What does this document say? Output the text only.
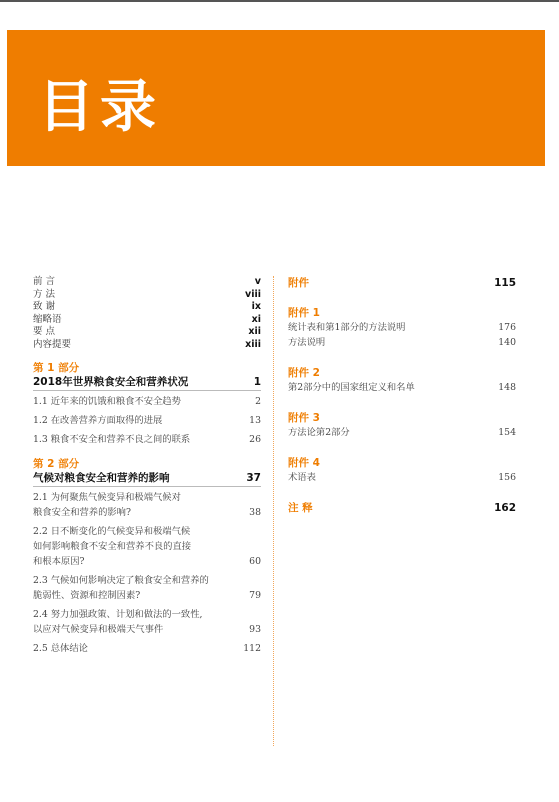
目录
前 言	v
方 法	viii
致 谢	ix
缩略语	xi
要 点	xii
内容提要	xiii
第 1 部分
2018年世界粮食安全和营养状况	1
1.1 近年来的饥饿和粮食不安全趋势	2
1.2 在改善营养方面取得的进展	13
1.3 粮食不安全和营养不良之间的联系	26
第 2 部分
气候对粮食安全和营养的影响	37
2.1 为何聚焦气候变异和极端气候对
粮食安全和营养的影响?	38
2.2 日不断变化的气候变异和极端气候
如何影响粮食不安全和营养不良的直接
和根本原因?	60
2.3 气候如何影响决定了粮食安全和营养的
脆弱性、资源和控制因素?	79
2.4 努力加强政策、计划和做法的一致性,
以应对气候变异和极端天气事件	93
2.5 总体结论	112
附件	115
附件 1
统计表和第1部分的方法说明	176
方法说明	140
附件 2
第2部分中的国家组定义和名单	148
附件 3
方法论第2部分	154
附件 4
术语表	156
注 释	162
